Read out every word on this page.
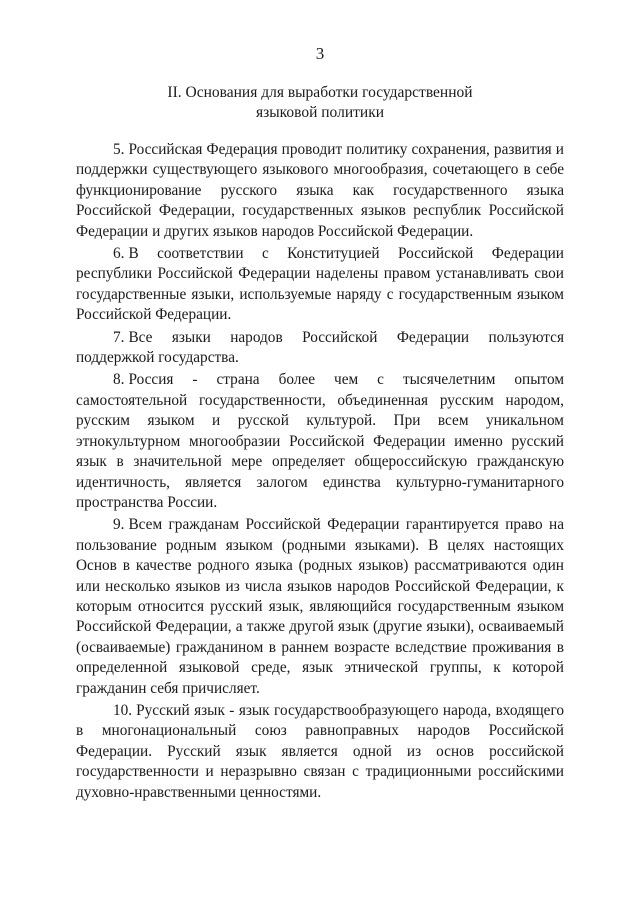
3
II. Основания для выработки государственной
языковой политики

5. Российская Федерация проводит политику сохранения, развития и поддержки существующего языкового многообразия, сочетающего в себе функционирование русского языка как государственного языка Российской Федерации, государственных языков республик Российской Федерации и других языков народов Российской Федерации.

6. В соответствии с Конституцией Российской Федерации республики Российской Федерации наделены правом устанавливать свои государственные языки, используемые наряду с государственным языком Российской Федерации.

7. Все языки народов Российской Федерации пользуются поддержкой государства.

8. Россия - страна более чем с тысячелетним опытом самостоятельной государственности, объединенная русским народом, русским языком и русской культурой. При всем уникальном этнокультурном многообразии Российской Федерации именно русский язык в значительной мере определяет общероссийскую гражданскую идентичность, является залогом единства культурно-гуманитарного пространства России.

9. Всем гражданам Российской Федерации гарантируется право на пользование родным языком (родными языками). В целях настоящих Основ в качестве родного языка (родных языков) рассматриваются один или несколько языков из числа языков народов Российской Федерации, к которым относится русский язык, являющийся государственным языком Российской Федерации, а также другой язык (другие языки), осваиваемый (осваиваемые) гражданином в раннем возрасте вследствие проживания в определенной языковой среде, язык этнической группы, к которой гражданин себя причисляет.

10. Русский язык - язык государствообразующего народа, входящего в многонациональный союз равноправных народов Российской Федерации. Русский язык является одной из основ российской государственности и неразрывно связан с традиционными российскими духовно-нравственными ценностями.
